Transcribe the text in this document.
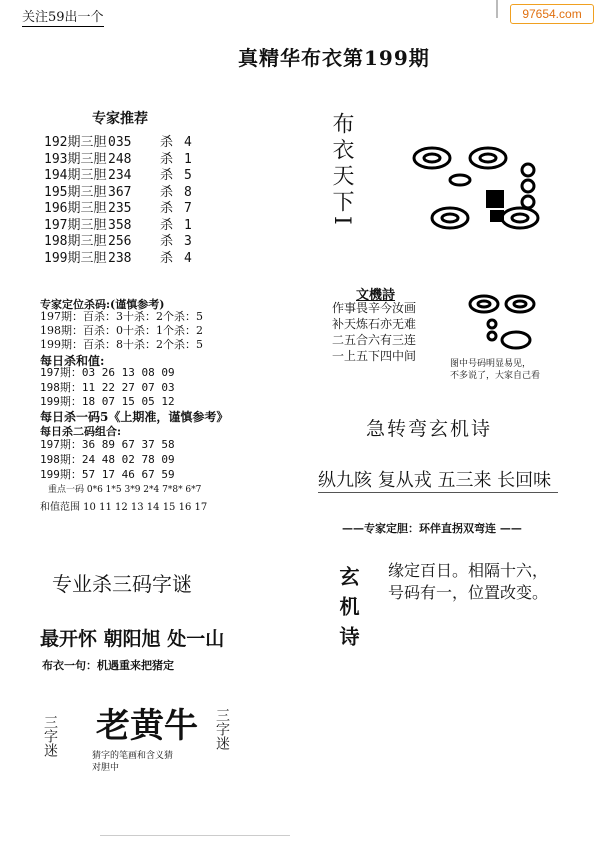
关注59出一个	97654.com
真精华布衣第199期
专家推荐
192期三胆 035 杀 4
193期三胆 248 杀 1
194期三胆 234 杀 5
195期三胆 367 杀 8
196期三胆 235 杀 7
197期三胆 358 杀 1
198期三胆 256 杀 3
199期三胆 238 杀 4
专家定位杀码:(谨慎参考)
197期：百杀：3十杀：2个杀：5
198期：百杀：0十杀：1个杀：2
199期：百杀：8十杀：2个杀：5
每日杀和值:
197期：03 26 13 08 09
198期：11 22 27 07 03
199期：18 07 15 05 12
每日杀一码5《上期准，谨慎参考》
每日杀二码组合:
197期：36 89 67 37 58
198期：24 48 02 78 09
199期：57 17 46 67 59
重点一码 0*6 1*5 3*9 2*4 7*8* 6*7
和值范围 10 11 12 13 14 15 16 17
专业杀三码字谜
最开怀 朝阳旭 处一山
布衣一句：机遇重来把猪定
老黄牛
三字迷	三字迷
猜字的笔画和含义猜
对胆中
布衣天下I
文機詩
作事畏辛今汝画
补天炼石亦无难
二五合六有三连
一上五下四中间
图中号码明显易见，
不多说了，大家自己看
急转弯玄机诗
纵九陔 复从戎 五三来 长回味
——专家定胆：环伴直拐双弯连 ——
玄机诗 缘定百日。相隔十六，
号码有一，位置改变。
